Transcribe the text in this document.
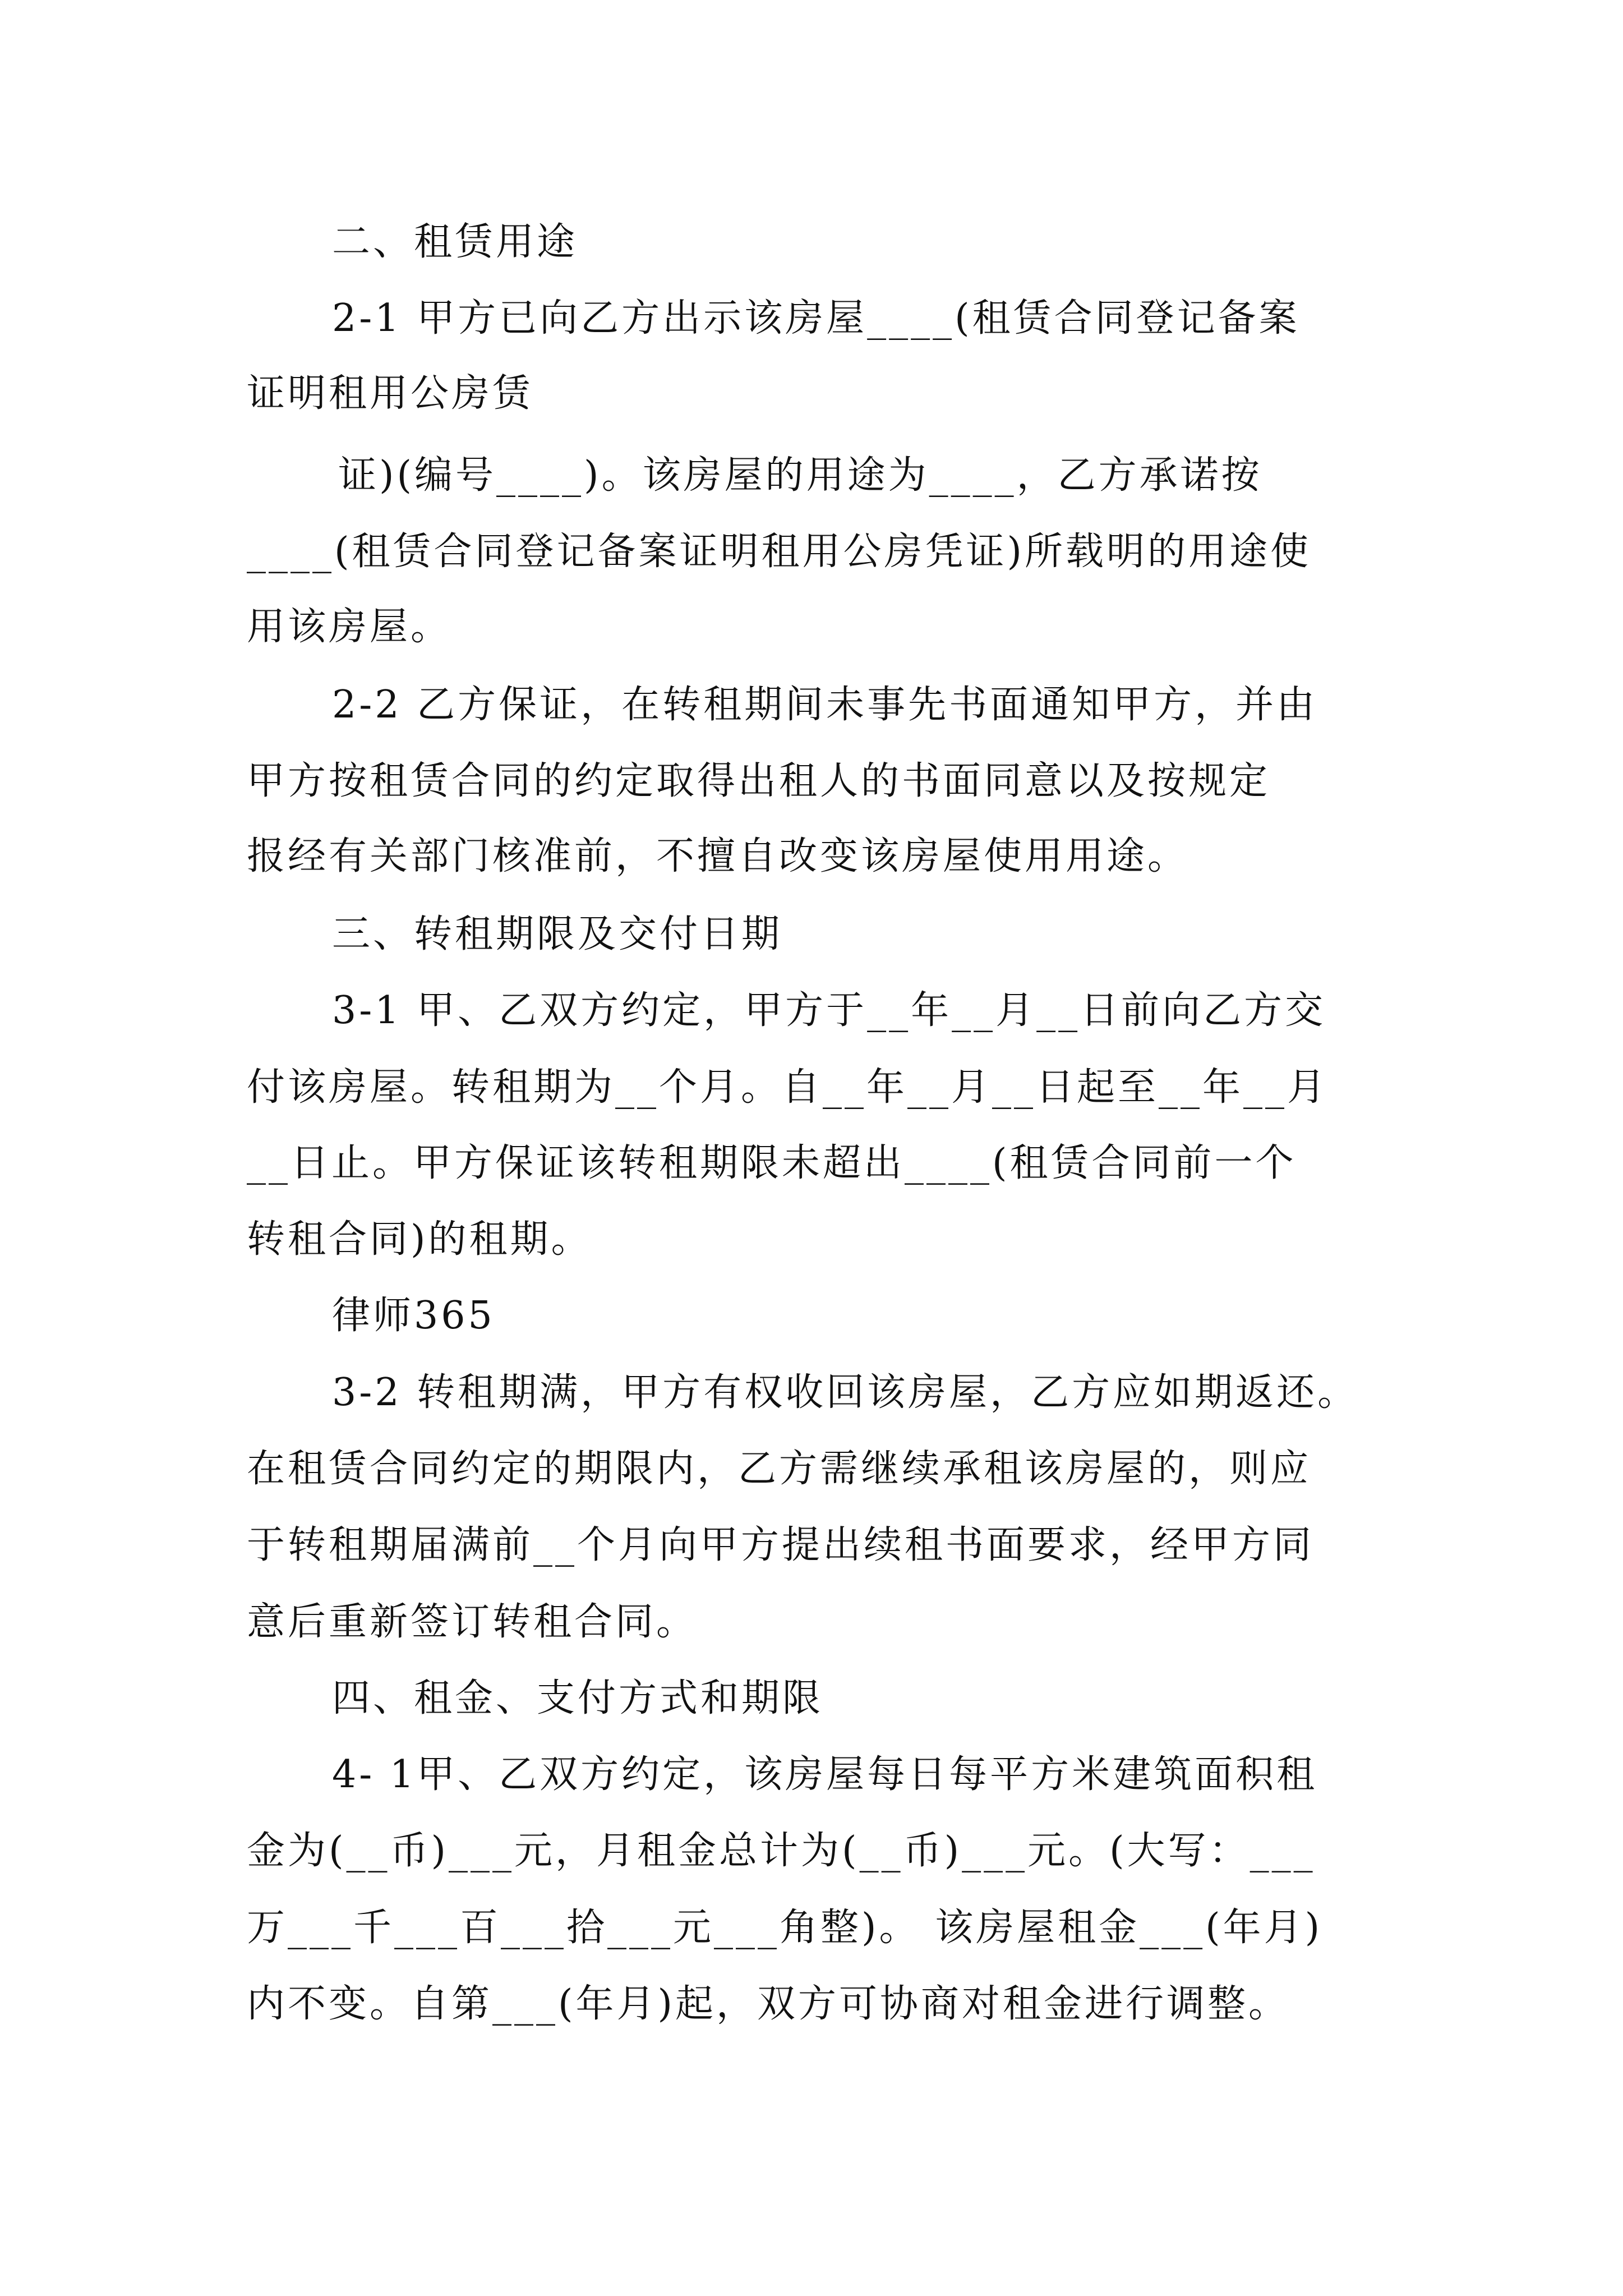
二、租赁用途
2-1 甲方已向乙方出示该房屋____(租赁合同登记备案
证明租用公房赁
证)(编号____)。该房屋的用途为____，乙方承诺按
____(租赁合同登记备案证明租用公房凭证)所载明的用途使
用该房屋。
2-2 乙方保证，在转租期间未事先书面通知甲方，并由
甲方按租赁合同的约定取得出租人的书面同意以及按规定
报经有关部门核准前，不擅自改变该房屋使用用途。
三、转租期限及交付日期
3-1 甲、乙双方约定，甲方于__年__月__日前向乙方交
付该房屋。转租期为__个月。自__年__月__日起至__年__月
__日止。甲方保证该转租期限未超出____(租赁合同前一个
转租合同)的租期。
律师365
3-2 转租期满，甲方有权收回该房屋，乙方应如期返还。
在租赁合同约定的期限内，乙方需继续承租该房屋的，则应
于转租期届满前__个月向甲方提出续租书面要求，经甲方同
意后重新签订转租合同。
四、租金、支付方式和期限
4- 1甲、乙双方约定，该房屋每日每平方米建筑面积租
金为(__币)___元，月租金总计为(__币)___元。(大写：___
万___千___百___拾___元___角整)。 该房屋租金___(年月)
内不变。自第___(年月)起，双方可协商对租金进行调整。
